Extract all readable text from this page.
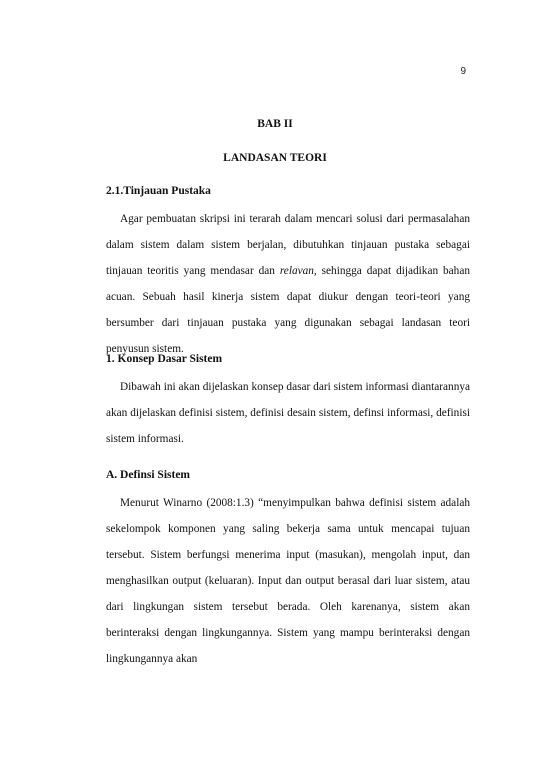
9
BAB II
LANDASAN TEORI
2.1.Tinjauan Pustaka

Agar pembuatan skripsi ini terarah dalam mencari solusi dari permasalahan dalam sistem dalam sistem berjalan, dibutuhkan tinjauan pustaka sebagai tinjauan teoritis yang mendasar dan relavan, sehingga dapat dijadikan bahan acuan. Sebuah hasil kinerja sistem dapat diukur dengan teori-teori yang bersumber dari tinjauan pustaka yang digunakan sebagai landasan teori penyusun sistem.

1. Konsep Dasar Sistem

Dibawah ini akan dijelaskan konsep dasar dari sistem informasi diantarannya akan dijelaskan definisi sistem, definisi desain sistem, definsi informasi, definisi sistem informasi.

A. Definsi Sistem

Menurut Winarno (2008:1.3) “menyimpulkan bahwa definisi sistem adalah sekelompok komponen yang saling bekerja sama untuk mencapai tujuan tersebut. Sistem berfungsi menerima input (masukan), mengolah input, dan menghasilkan output (keluaran). Input dan output berasal dari luar sistem, atau dari lingkungan sistem tersebut berada. Oleh karenanya, sistem akan berinteraksi dengan lingkungannya. Sistem yang mampu berinteraksi dengan lingkungannya akan
